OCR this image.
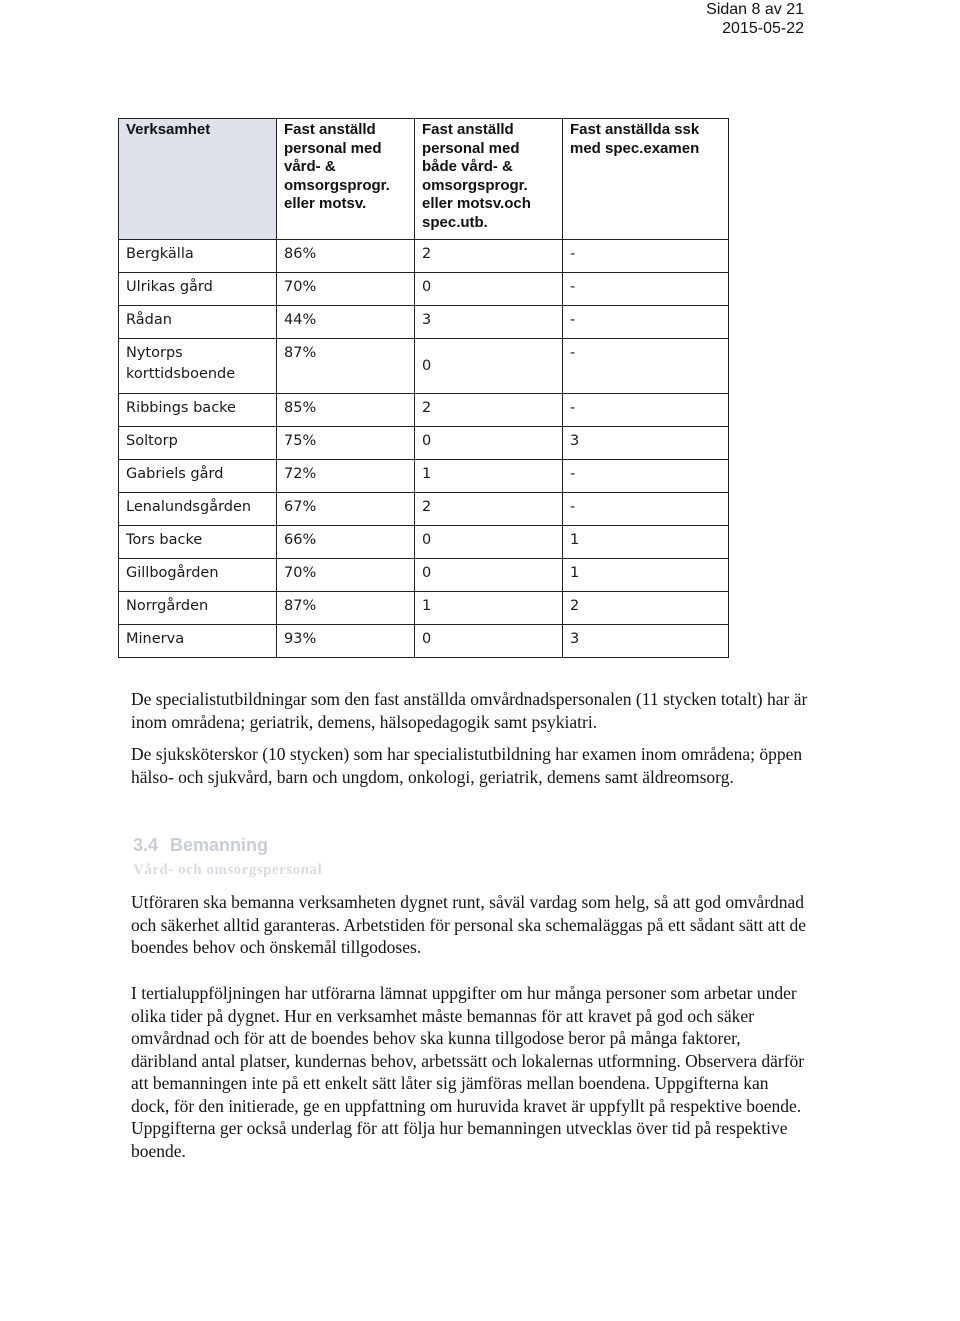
Sidan 8 av 21
2015-05-22
Verksamhet	Fast anställd personal med vård- & omsorgsprogr. eller motsv.	Fast anställd personal med både vård- & omsorgsprogr. eller motsv.och spec.utb.	Fast anställda ssk med spec.examen
Bergkälla	86%	2	-
Ulrikas gård	70%	0	-
Rådan	44%	3	-
Nytorps korttidsboende	87%	0	-
Ribbings backe	85%	2	-
Soltorp	75%	0	3
Gabriels gård	72%	1	-
Lenalundsgården	67%	2	-
Tors backe	66%	0	1
Gillbogården	70%	0	1
Norrgården	87%	1	2
Minerva	93%	0	3

De specialistutbildningar som den fast anställda omvårdnadspersonalen (11 stycken totalt) har är inom områdena; geriatrik, demens, hälsopedagogik samt psykiatri.

De sjuksköterskor (10 stycken) som har specialistutbildning har examen inom områdena; öppen hälso- och sjukvård, barn och ungdom, onkologi, geriatrik, demens samt äldreomsorg.

3.4 Bemanning
Vård- och omsorgspersonal

Utföraren ska bemanna verksamheten dygnet runt, såväl vardag som helg, så att god omvårdnad och säkerhet alltid garanteras. Arbetstiden för personal ska schemaläggas på ett sådant sätt att de boendes behov och önskemål tillgodoses.

I tertialuppföljningen har utförarna lämnat uppgifter om hur många personer som arbetar under olika tider på dygnet. Hur en verksamhet måste bemannas för att kravet på god och säker omvårdnad och för att de boendes behov ska kunna tillgodose beror på många faktorer, däribland antal platser, kundernas behov, arbetssätt och lokalernas utformning. Observera därför att bemanningen inte på ett enkelt sätt låter sig jämföras mellan boendena. Uppgifterna kan dock, för den initierade, ge en uppfattning om huruvida kravet är uppfyllt på respektive boende. Uppgifterna ger också underlag för att följa hur bemanningen utvecklas över tid på respektive boende.
